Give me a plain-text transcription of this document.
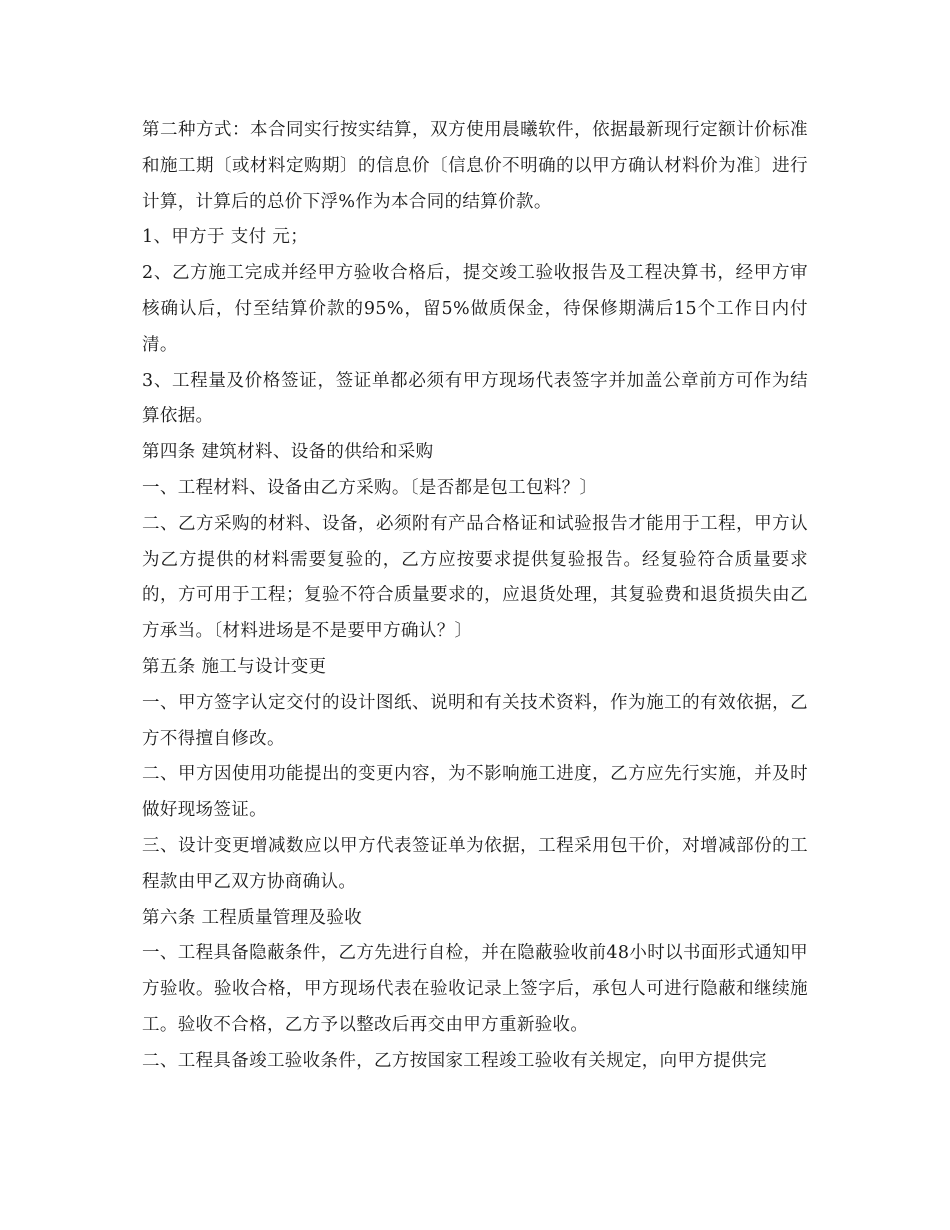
第二种方式：本合同实行按实结算，双方使用晨曦软件，依据最新现行定额计价标准和施工期〔或材料定购期〕的信息价〔信息价不明确的以甲方确认材料价为准〕进行计算，计算后的总价下浮%作为本合同的结算价款。

1、甲方于 支付 元；

2、乙方施工完成并经甲方验收合格后，提交竣工验收报告及工程决算书，经甲方审核确认后，付至结算价款的95%，留5%做质保金，待保修期满后15个工作日内付清。

3、工程量及价格签证，签证单都必须有甲方现场代表签字并加盖公章前方可作为结算依据。

第四条 建筑材料、设备的供给和采购

一、工程材料、设备由乙方采购。〔是否都是包工包料？〕

二、乙方采购的材料、设备，必须附有产品合格证和试验报告才能用于工程，甲方认为乙方提供的材料需要复验的，乙方应按要求提供复验报告。经复验符合质量要求的，方可用于工程；复验不符合质量要求的，应退货处理，其复验费和退货损失由乙方承当。〔材料进场是不是要甲方确认？〕

第五条 施工与设计变更

一、甲方签字认定交付的设计图纸、说明和有关技术资料，作为施工的有效依据，乙方不得擅自修改。

二、甲方因使用功能提出的变更内容，为不影响施工进度，乙方应先行实施，并及时做好现场签证。

三、设计变更增减数应以甲方代表签证单为依据，工程采用包干价，对增减部份的工程款由甲乙双方协商确认。

第六条 工程质量管理及验收

一、工程具备隐蔽条件，乙方先进行自检，并在隐蔽验收前48小时以书面形式通知甲方验收。验收合格，甲方现场代表在验收记录上签字后，承包人可进行隐蔽和继续施工。验收不合格，乙方予以整改后再交由甲方重新验收。

二、工程具备竣工验收条件，乙方按国家工程竣工验收有关规定，向甲方提供完
